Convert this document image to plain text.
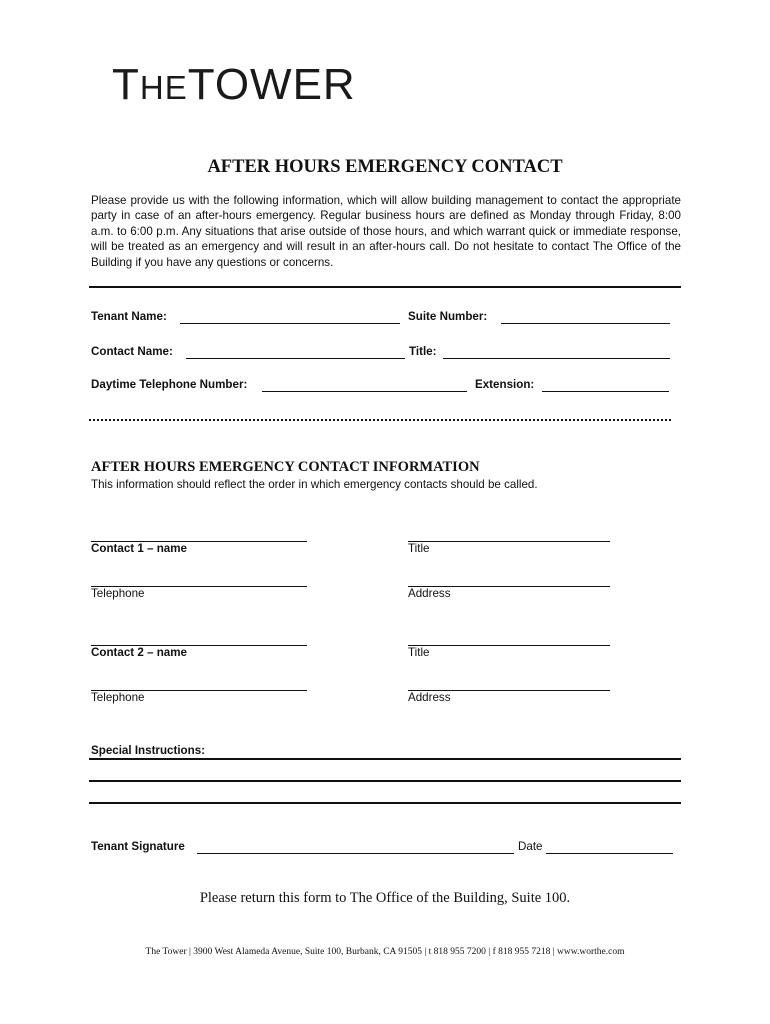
THETOWER
AFTER HOURS EMERGENCY CONTACT
Please provide us with the following information, which will allow building management to contact the appropriate party in case of an after-hours emergency. Regular business hours are defined as Monday through Friday, 8:00 a.m. to 6:00 p.m. Any situations that arise outside of those hours, and which warrant quick or immediate response, will be treated as an emergency and will result in an after-hours call. Do not hesitate to contact The Office of the Building if you have any questions or concerns.
Tenant Name:	Suite Number:
Contact Name:	Title:
Daytime Telephone Number:	Extension:
AFTER HOURS EMERGENCY CONTACT INFORMATION
This information should reflect the order in which emergency contacts should be called.
Contact 1 – name	Title
Telephone	Address
Contact 2 – name	Title
Telephone	Address
Special Instructions:
Tenant Signature	Date
Please return this form to The Office of the Building, Suite 100.
The Tower | 3900 West Alameda Avenue, Suite 100, Burbank, CA 91505 | t 818 955 7200 | f 818 955 7218 | www.worthe.com
